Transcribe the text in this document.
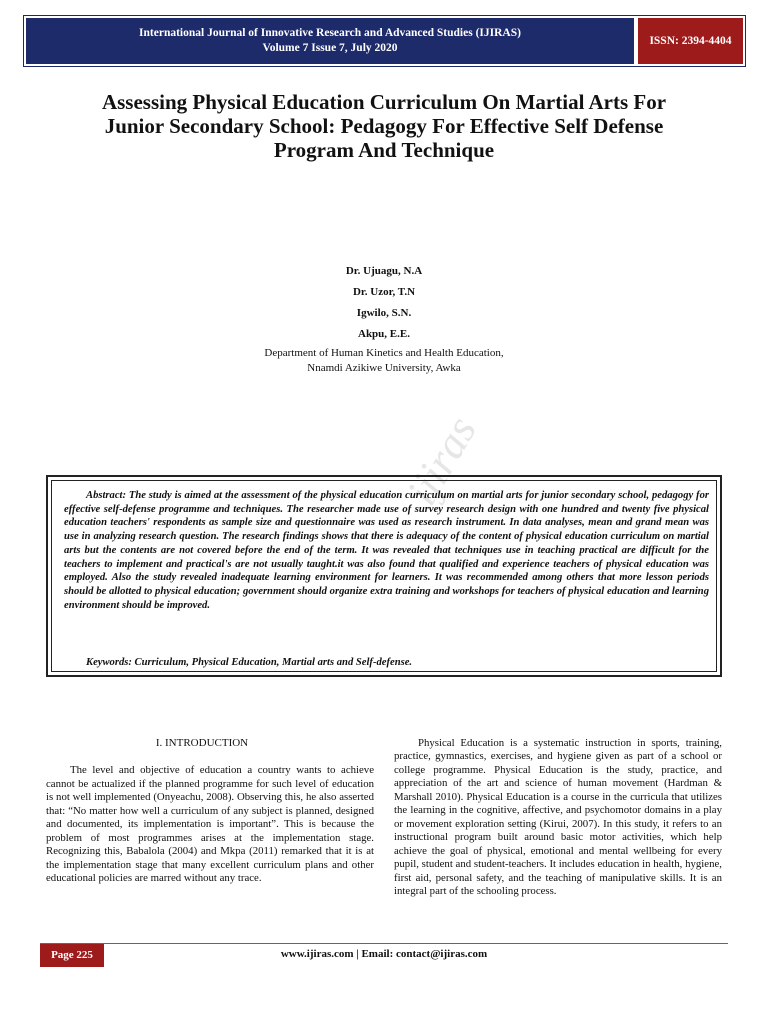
International Journal of Innovative Research and Advanced Studies (IJIRAS)
Volume 7 Issue 7, July 2020
ISSN: 2394-4404
Assessing Physical Education Curriculum On Martial Arts For
Junior Secondary School: Pedagogy For Effective Self Defense
Program And Technique
Dr. Ujuagu, N.A
Dr. Uzor, T.N
Igwilo, S.N.
Akpu, E.E.
Department of Human Kinetics and Health Education,
Nnamdi Azikiwe University, Awka
ijiras

Abstract: The study is aimed at the assessment of the physical education curriculum on martial arts for junior secondary school, pedagogy for effective self-defense programme and techniques. The researcher made use of survey research design with one hundred and twenty five physical education teachers' respondents as sample size and questionnaire was used as research instrument. In data analyses, mean and grand mean was use in analyzing research question. The research findings shows that there is adequacy of the content of physical education curriculum on martial arts but the contents are not covered before the end of the term. It was revealed that techniques use in teaching practical are difficult for the teachers to implement and practical's are not usually taught.it was also found that qualified and experience teachers of physical education was employed. Also the study revealed inadequate learning environment for learners. It was recommended among others that more lesson periods should be allotted to physical education; government should organize extra training and workshops for teachers of physical education and learning environment should be improved.

Keywords: Curriculum, Physical Education, Martial arts and Self-defense.

I. INTRODUCTION

The level and objective of education a country wants to achieve cannot be actualized if the planned programme for such level of education is not well implemented (Onyeachu, 2008). Observing this, he also asserted that: “No matter how well a curriculum of any subject is planned, designed and documented, its implementation is important”. This is because the problem of most programmes arises at the implementation stage. Recognizing this, Babalola (2004) and Mkpa (2011) remarked that it is at the implementation stage that many excellent curriculum plans and other educational policies are marred without any trace.

Physical Education is a systematic instruction in sports, training, practice, gymnastics, exercises, and hygiene given as part of a school or college programme. Physical Education is the study, practice, and appreciation of the art and science of human movement (Hardman & Marshall 2010). Physical Education is a course in the curricula that utilizes the learning in the cognitive, affective, and psychomotor domains in a play or movement exploration setting (Kirui, 2007). In this study, it refers to an instructional program built around basic motor activities, which help achieve the goal of physical, emotional and mental wellbeing for every pupil, student and student-teachers. It includes education in health, hygiene, first aid, personal safety, and the teaching of manipulative skills. It is an integral part of the schooling process.

Page 225	www.ijiras.com | Email: contact@ijiras.com
